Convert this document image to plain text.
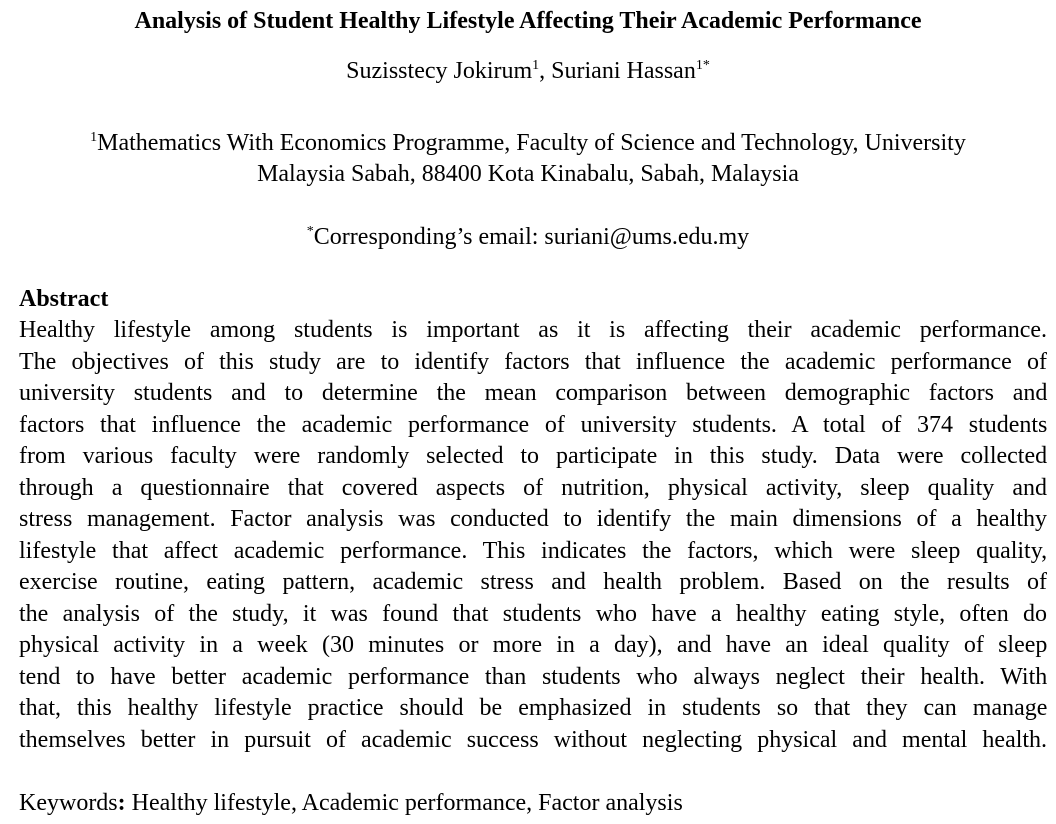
Analysis of Student Healthy Lifestyle Affecting Their Academic Performance
Suzisstecy Jokirum$^1$, Suriani Hassan$^{1*}$
$^1$Mathematics With Economics Programme, Faculty of Science and Technology, University
Malaysia Sabah, 88400 Kota Kinabalu, Sabah, Malaysia
*Corresponding’s email: suriani@ums.edu.my
Abstract
Healthy lifestyle among students is important as it is affecting their academic performance.
The objectives of this study are to identify factors that influence the academic performance of
university students and to determine the mean comparison between demographic factors and
factors that influence the academic performance of university students. A total of 374 students
from various faculty were randomly selected to participate in this study. Data were collected
through a questionnaire that covered aspects of nutrition, physical activity, sleep quality and
stress management. Factor analysis was conducted to identify the main dimensions of a healthy
lifestyle that affect academic performance. This indicates the factors, which were sleep quality,
exercise routine, eating pattern, academic stress and health problem. Based on the results of
the analysis of the study, it was found that students who have a healthy eating style, often do
physical activity in a week (30 minutes or more in a day), and have an ideal quality of sleep
tend to have better academic performance than students who always neglect their health. With
that, this healthy lifestyle practice should be emphasized in students so that they can manage
themselves better in pursuit of academic success without neglecting physical and mental health.
Keywords: Healthy lifestyle, Academic performance, Factor analysis
